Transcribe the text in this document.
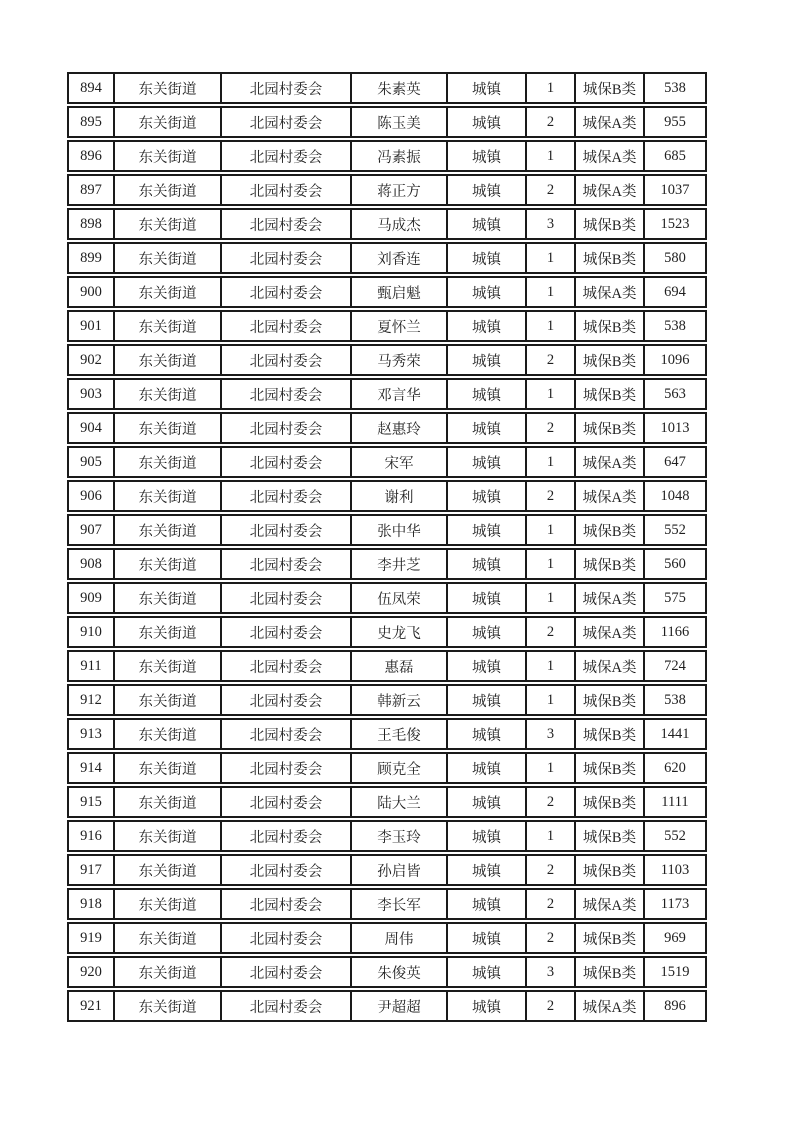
894	东关街道	北园村委会	朱素英	城镇	1	城保B类	538
895	东关街道	北园村委会	陈玉美	城镇	2	城保A类	955
896	东关街道	北园村委会	冯素振	城镇	1	城保A类	685
897	东关街道	北园村委会	蒋正方	城镇	2	城保A类	1037
898	东关街道	北园村委会	马成杰	城镇	3	城保B类	1523
899	东关街道	北园村委会	刘香连	城镇	1	城保B类	580
900	东关街道	北园村委会	甄启魁	城镇	1	城保A类	694
901	东关街道	北园村委会	夏怀兰	城镇	1	城保B类	538
902	东关街道	北园村委会	马秀荣	城镇	2	城保B类	1096
903	东关街道	北园村委会	邓言华	城镇	1	城保B类	563
904	东关街道	北园村委会	赵惠玲	城镇	2	城保B类	1013
905	东关街道	北园村委会	宋军	城镇	1	城保A类	647
906	东关街道	北园村委会	谢利	城镇	2	城保A类	1048
907	东关街道	北园村委会	张中华	城镇	1	城保B类	552
908	东关街道	北园村委会	李井芝	城镇	1	城保B类	560
909	东关街道	北园村委会	伍凤荣	城镇	1	城保A类	575
910	东关街道	北园村委会	史龙飞	城镇	2	城保A类	1166
911	东关街道	北园村委会	惠磊	城镇	1	城保A类	724
912	东关街道	北园村委会	韩新云	城镇	1	城保B类	538
913	东关街道	北园村委会	王毛俊	城镇	3	城保B类	1441
914	东关街道	北园村委会	顾克全	城镇	1	城保B类	620
915	东关街道	北园村委会	陆大兰	城镇	2	城保B类	1111
916	东关街道	北园村委会	李玉玲	城镇	1	城保B类	552
917	东关街道	北园村委会	孙启皆	城镇	2	城保B类	1103
918	东关街道	北园村委会	李长军	城镇	2	城保A类	1173
919	东关街道	北园村委会	周伟	城镇	2	城保B类	969
920	东关街道	北园村委会	朱俊英	城镇	3	城保B类	1519
921	东关街道	北园村委会	尹超超	城镇	2	城保A类	896
